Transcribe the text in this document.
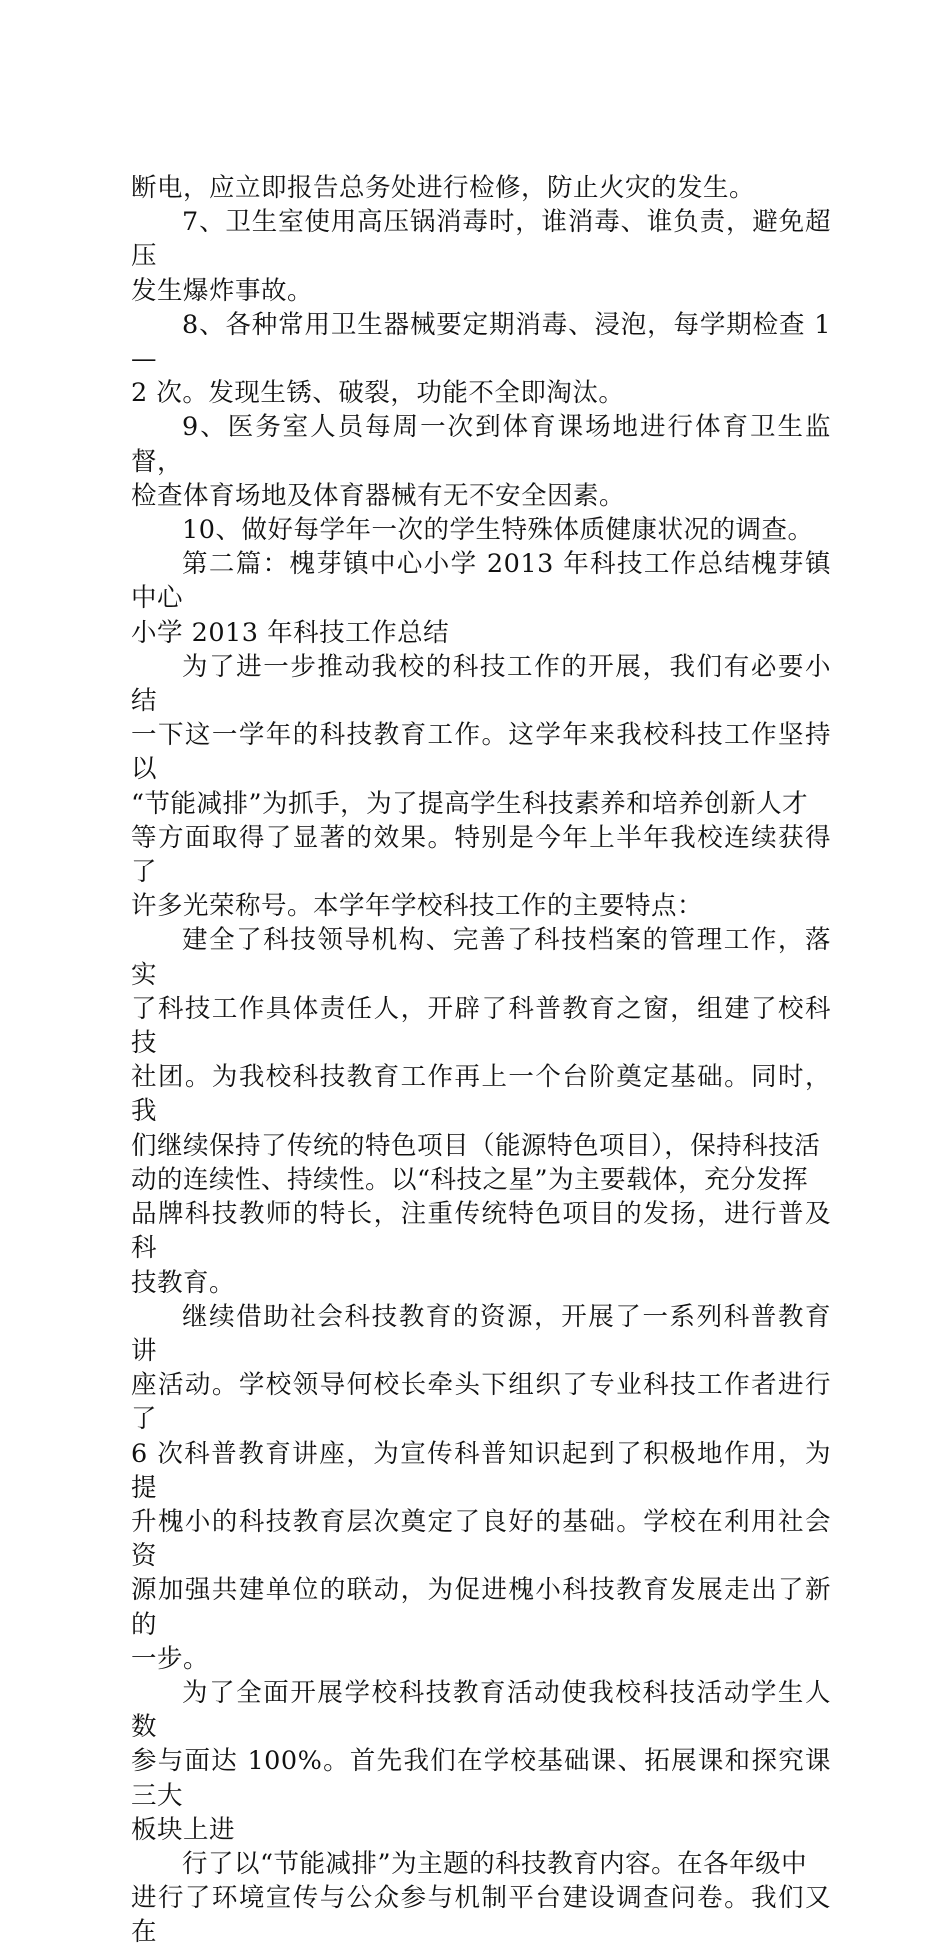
断电，应立即报告总务处进行检修，防止火灾的发生。

7、卫生室使用高压锅消毒时，谁消毒、谁负责，避免超压
发生爆炸事故。

8、各种常用卫生器械要定期消毒、浸泡，每学期检查 1—
2 次。发现生锈、破裂，功能不全即淘汰。

9、医务室人员每周一次到体育课场地进行体育卫生监督，
检查体育场地及体育器械有无不安全因素。

10、做好每学年一次的学生特殊体质健康状况的调查。

第二篇：槐芽镇中心小学 2013 年科技工作总结槐芽镇中心
小学 2013 年科技工作总结

为了进一步推动我校的科技工作的开展，我们有必要小结
一下这一学年的科技教育工作。这学年来我校科技工作坚持以
“节能减排”为抓手，为了提高学生科技素养和培养创新人才
等方面取得了显著的效果。特别是今年上半年我校连续获得了
许多光荣称号。本学年学校科技工作的主要特点：

建全了科技领导机构、完善了科技档案的管理工作，落实
了科技工作具体责任人，开辟了科普教育之窗，组建了校科技
社团。为我校科技教育工作再上一个台阶奠定基础。同时，我
们继续保持了传统的特色项目（能源特色项目），保持科技活
动的连续性、持续性。以“科技之星”为主要载体，充分发挥
品牌科技教师的特长，注重传统特色项目的发扬，进行普及科
技教育。

继续借助社会科技教育的资源，开展了一系列科普教育讲
座活动。学校领导何校长牵头下组织了专业科技工作者进行了
6 次科普教育讲座，为宣传科普知识起到了积极地作用，为提
升槐小的科技教育层次奠定了良好的基础。学校在利用社会资
源加强共建单位的联动，为促进槐小科技教育发展走出了新的
一步。

为了全面开展学校科技教育活动使我校科技活动学生人数
参与面达 100%。首先我们在学校基础课、拓展课和探究课三大
板块上进

行了以“节能减排”为主题的科技教育内容。在各年级中
进行了环境宣传与公众参与机制平台建设调查问卷。我们又在
